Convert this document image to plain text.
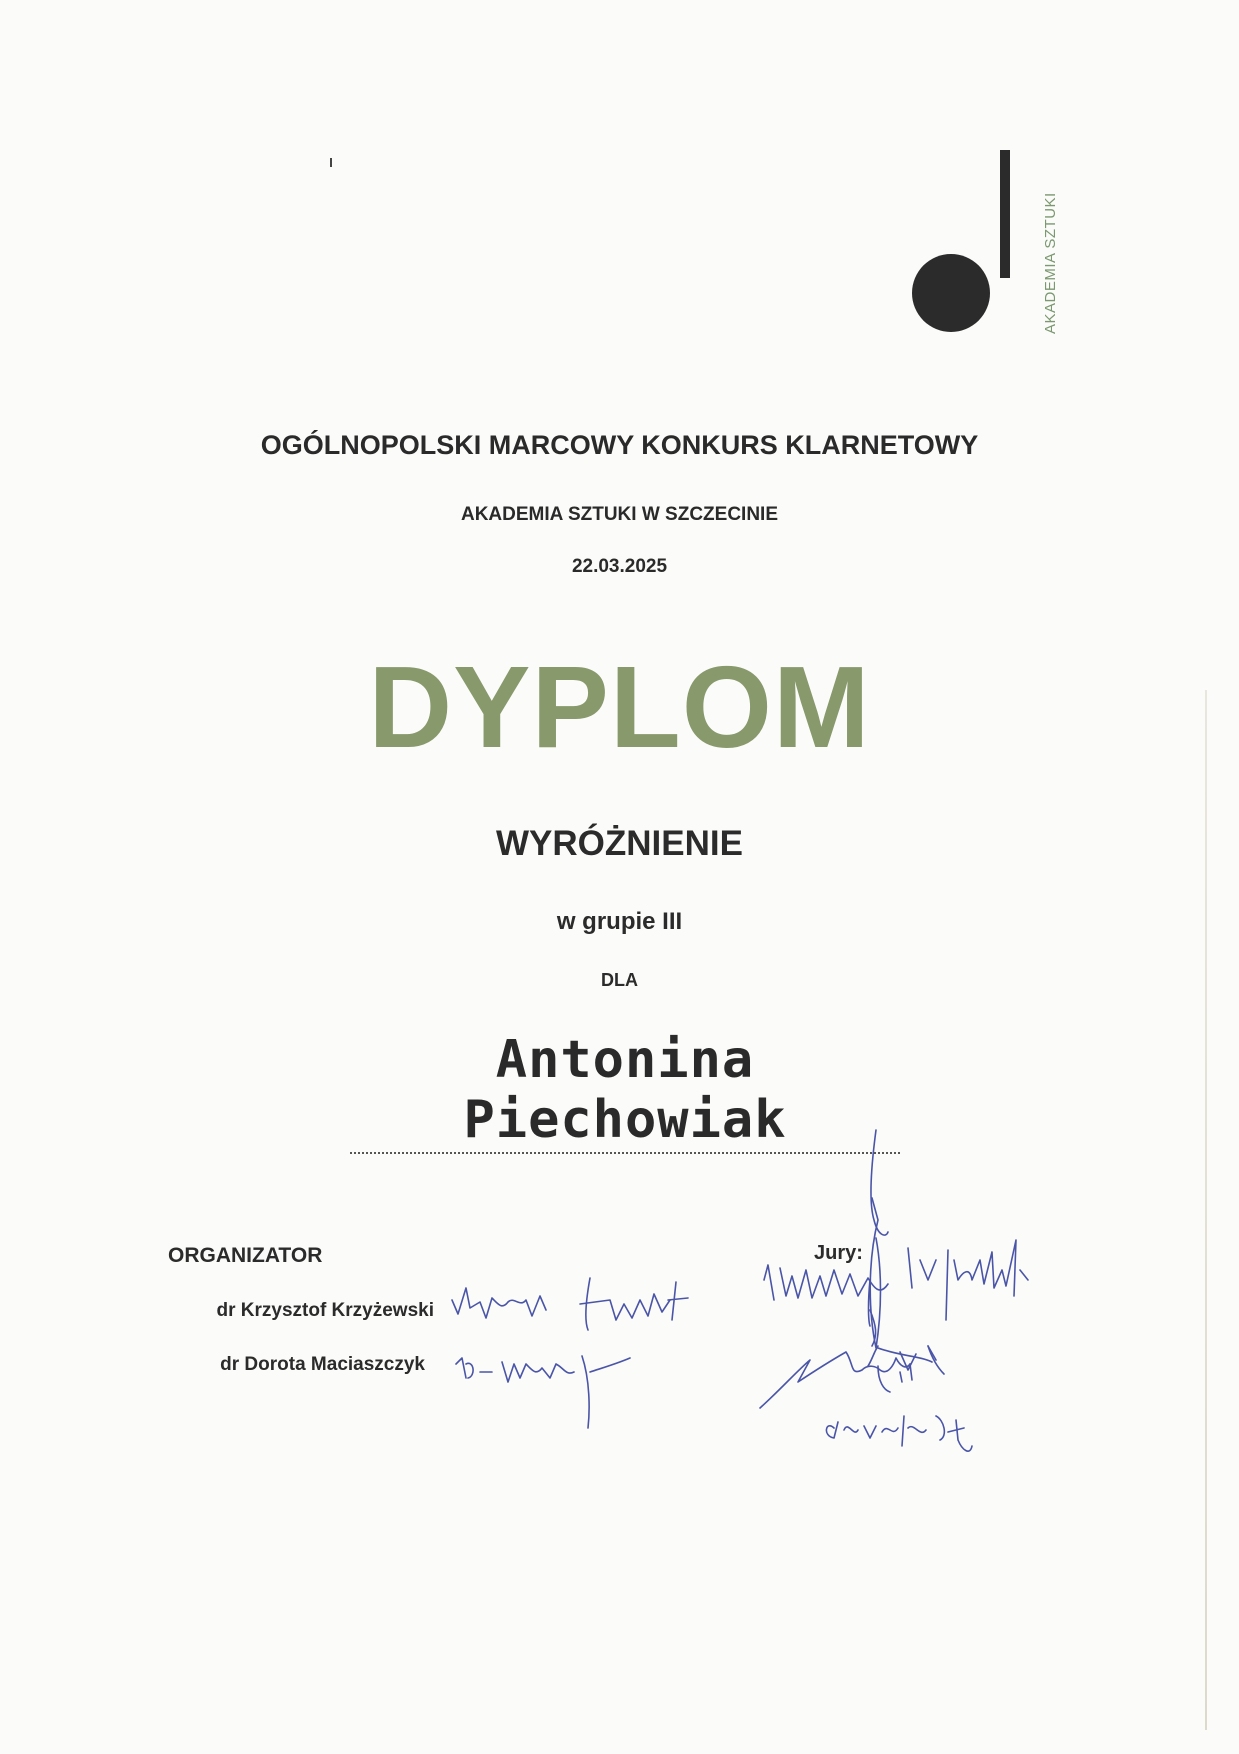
AKADEMIA SZTUKI
OGÓLNOPOLSKI MARCOWY KONKURS KLARNETOWY
AKADEMIA SZTUKI W SZCZECINIE
22.03.2025
DYPLOM
WYRÓŻNIENIE
w grupie III
DLA
Antonina Piechowiak
ORGANIZATOR
dr Krzysztof Krzyżewski
dr Dorota Maciaszczyk
Jury:
